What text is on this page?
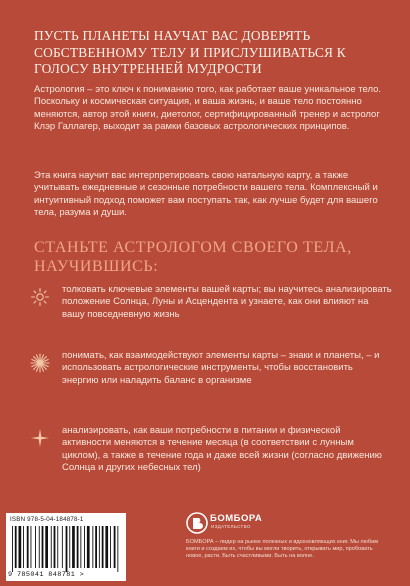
ПУСТЬ ПЛАНЕТЫ НАУЧАТ ВАС ДОВЕРЯТЬ СОБСТВЕННОМУ ТЕЛУ И ПРИСЛУШИВАТЬСЯ К ГОЛОСУ ВНУТРЕННЕЙ МУДРОСТИ

Астрология – это ключ к пониманию того, как работает ваше уникальное тело. Поскольку и космическая ситуация, и ваша жизнь, и ваше тело постоянно меняются, автор этой книги, диетолог, сертифицированный тренер и астролог Клэр Галлагер, выходит за рамки базовых астрологических принципов.

Эта книга научит вас интерпретировать свою натальную карту, а также учитывать ежедневные и сезонные потребности вашего тела. Комплексный и интуитивный подход поможет вам поступать так, как лучше будет для вашего тела, разума и души.

СТАНЬТЕ АСТРОЛОГОМ СВОЕГО ТЕЛА, НАУЧИВШИСЬ:
толковать ключевые элементы вашей карты; вы научитесь анализировать положение Солнца, Луны и Асцендента и узнаете, как они влияют на вашу повседневную жизнь
понимать, как взаимодействуют элементы карты – знаки и планеты, – и использовать астрологические инструменты, чтобы восстановить энергию или наладить баланс в организме
анализировать, как ваши потребности в питании и физической активности меняются в течение месяца (в соответствии с лунным циклом), а также в течение года и даже всей жизни (согласно движению Солнца и других небесных тел)
ISBN 978-5-04-184878-1
9 785041 848781 >
БОМБОРА
ИЗДАТЕЛЬСТВО
БОМБОРА – лидер на рынке полезных и вдохновляющих книг. Мы любим книги и создаем их, чтобы вы могли творить, открывать мир, пробовать новое, расти. Быть счастливыми. Быть на волне.
